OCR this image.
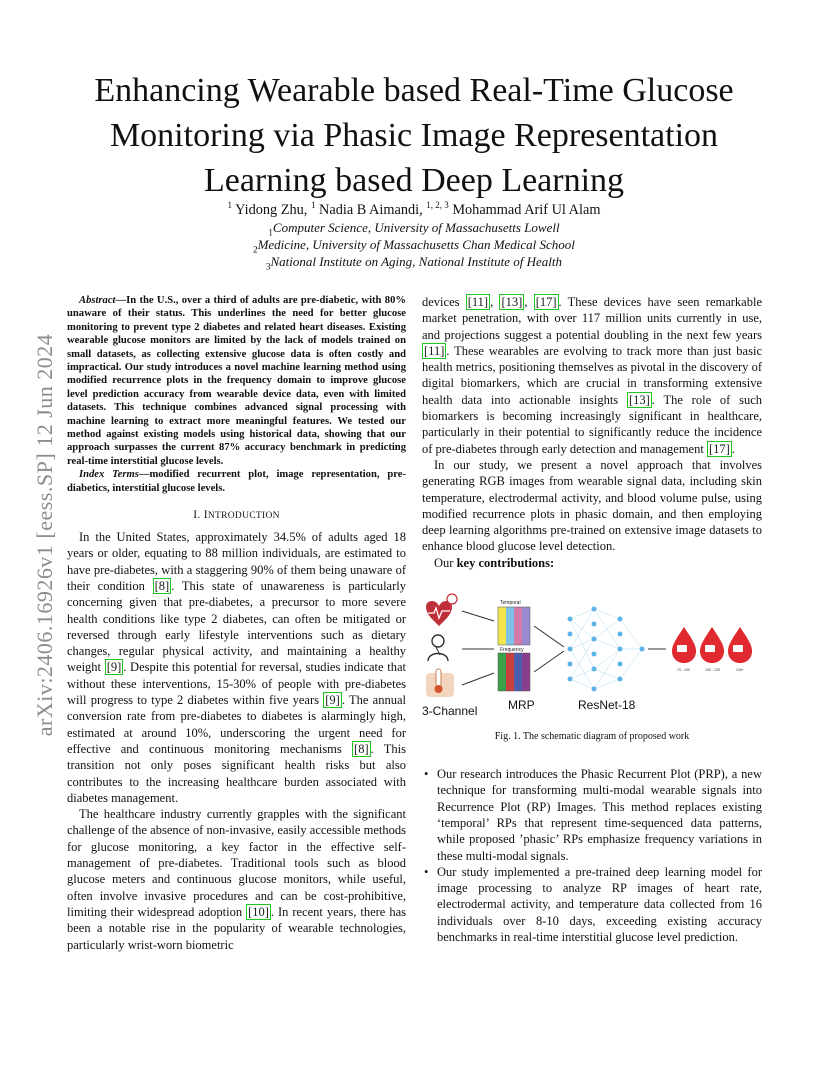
arXiv:2406.16926v1 [eess.SP] 12 Jun 2024
Enhancing Wearable based Real-Time Glucose
Monitoring via Phasic Image Representation
Learning based Deep Learning
$^1$ Yidong Zhu, $^1$ Nadia B Aimandi, $^{1, 2, 3}$ Mohammad Arif Ul Alam
$_1$Computer Science, University of Massachusetts Lowell
$_2$Medicine, University of Massachusetts Chan Medical School
$_3$National Institute on Aging, National Institute of Health

Abstract—In the U.S., over a third of adults are pre-diabetic, with 80% unaware of their status. This underlines the need for better glucose monitoring to prevent type 2 diabetes and related heart diseases. Existing wearable glucose monitors are limited by the lack of models trained on small datasets, as collecting extensive glucose data is often costly and impractical. Our study introduces a novel machine learning method using modified recurrence plots in the frequency domain to improve glucose level prediction accuracy from wearable device data, even with limited datasets. This technique combines advanced signal processing with machine learning to extract more meaningful features. We tested our method against existing models using historical data, showing that our approach surpasses the current 87% accuracy benchmark in predicting real-time interstitial glucose levels.

Index Terms—modified recurrent plot, image representation, pre-diabetics, interstitial glucose levels.

I. INTRODUCTION

In the United States, approximately 34.5% of adults aged 18 years or older, equating to 88 million individuals, are estimated to have pre-diabetes, with a staggering 90% of them being unaware of their condition [8] . This state of unawareness is particularly concerning given that pre-diabetes, a precursor to more severe health conditions like type 2 diabetes, can often be mitigated or reversed through early lifestyle interventions such as dietary changes, regular physical activity, and maintaining a healthy weight [9] . Despite this potential for reversal, studies indicate that without these interventions, 15-30% of people with pre-diabetes will progress to type 2 diabetes within five years [9] . The annual conversion rate from pre-diabetes to diabetes is alarmingly high, estimated at around 10%, underscoring the urgent need for effective and continuous monitoring mechanisms [8] . This transition not only poses significant health risks but also contributes to the increasing healthcare burden associated with diabetes management.

The healthcare industry currently grapples with the significant challenge of the absence of non-invasive, easily accessible methods for glucose monitoring, a key factor in the effective self-management of pre-diabetes. Traditional tools such as blood glucose meters and continuous glucose monitors, while useful, often involve invasive procedures and can be cost-prohibitive, limiting their widespread adoption [10] . In recent years, there has been a notable rise in the popularity of wearable technologies, particularly wrist-worn biometric

devices [11] , [13] , [17] . These devices have seen remarkable market penetration, with over 117 million units currently in use, and projections suggest a potential doubling in the next few years [11] . These wearables are evolving to track more than just basic health metrics, positioning themselves as pivotal in the discovery of digital biomarkers, which are crucial in transforming extensive health data into actionable insights [13] . The role of such biomarkers is becoming increasingly significant in healthcare, particularly in their potential to significantly reduce the incidence of pre-diabetes through early detection and management [17] .

In our study, we present a novel approach that involves generating RGB images from wearable signal data, including skin temperature, electrodermal activity, and blood volume pulse, using modified recurrence plots in phasic domain, and then employing deep learning algorithms pre-trained on extensive image datasets to enhance blood glucose level detection.

Our key contributions:

3-Channel
Temporal
Frequency
MRP	ResNet-18
70 - 100	100 - 125	126+
Fig. 1. The schematic diagram of proposed work
• Our research introduces the Phasic Recurrent Plot (PRP), a new technique for transforming multi-modal wearable signals into Recurrence Plot (RP) Images. This method replaces existing ‘temporal’ RPs that represent time-sequenced data patterns, while proposed ’phasic’ RPs emphasize frequency variations in these multi-modal signals.
• Our study implemented a pre-trained deep learning model for image processing to analyze RP images of heart rate, electrodermal activity, and temperature data collected from 16 individuals over 8-10 days, exceeding existing accuracy benchmarks in real-time interstitial glucose level prediction.
